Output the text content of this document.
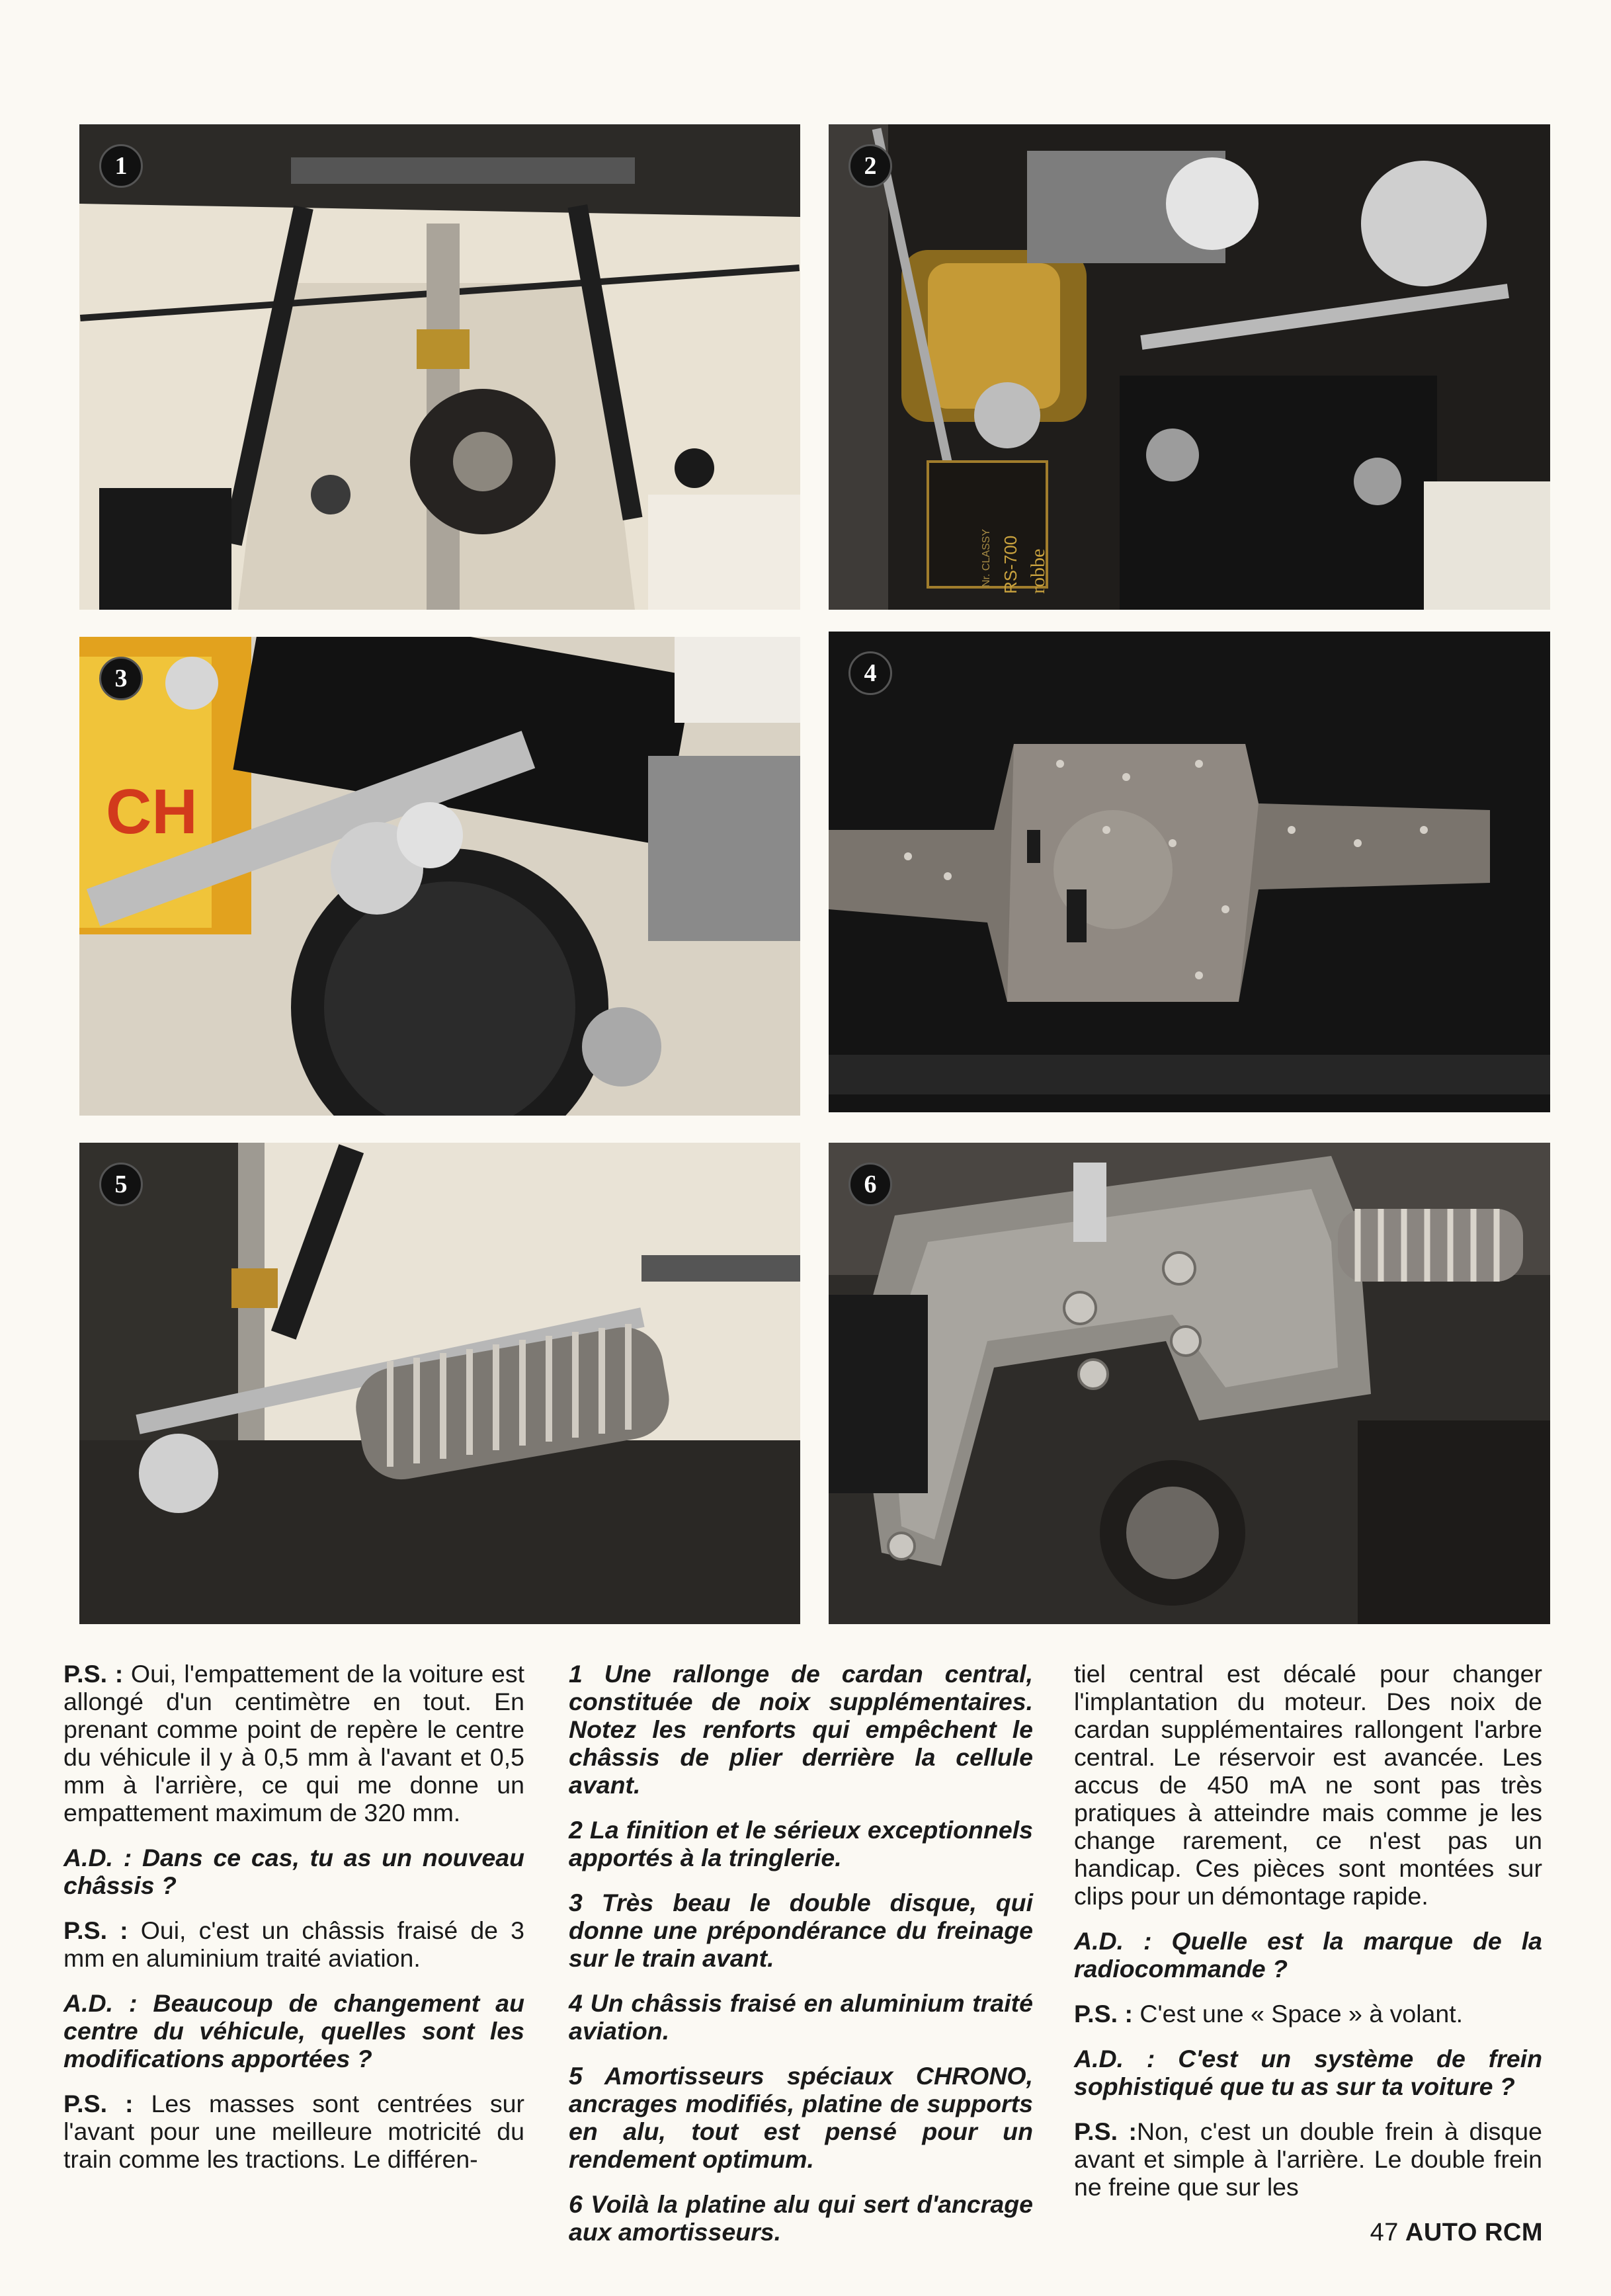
1	2
robbe
RS-700
Nr. CLASSY
3
CH
4
5	6

P.S. : Oui, l'empattement de la voiture est allongé d'un centimètre en tout. En prenant comme point de repère le centre du véhicule il y à 0,5 mm à l'avant et 0,5 mm à l'arrière, ce qui me donne un empattement maximum de 320 mm.

A.D. : Dans ce cas, tu as un nouveau châssis ?

P.S. : Oui, c'est un châssis fraisé de 3 mm en aluminium traité aviation.

A.D. : Beaucoup de changement au centre du véhicule, quelles sont les modifications apportées ?

P.S. : Les masses sont centrées sur l'avant pour une meilleure motricité du train comme les tractions. Le différen-

1 Une rallonge de cardan central, constituée de noix supplémentaires. Notez les renforts qui empêchent le châssis de plier derrière la cellule avant.

2 La finition et le sérieux exceptionnels apportés à la tringlerie.

3 Très beau le double disque, qui donne une prépondérance du freinage sur le train avant.

4 Un châssis fraisé en aluminium traité aviation.

5 Amortisseurs spéciaux CHRONO, ancrages modifiés, platine de supports en alu, tout est pensé pour un rendement optimum.

6 Voilà la platine alu qui sert d'ancrage aux amortisseurs.

tiel central est décalé pour changer l'implantation du moteur. Des noix de cardan supplémentaires rallongent l'arbre central. Le réservoir est avancée. Les accus de 450 mA ne sont pas très pratiques à atteindre mais comme je les change rarement, ce n'est pas un handicap. Ces pièces sont montées sur clips pour un démontage rapide.

A.D. : Quelle est la marque de la radiocommande ?

P.S. : C'est une « Space » à volant.

A.D. : C'est un système de frein sophistiqué que tu as sur ta voiture ?

P.S. :Non, c'est un double frein à disque avant et simple à l'arrière. Le double frein ne freine que sur les

47 AUTO RCM
